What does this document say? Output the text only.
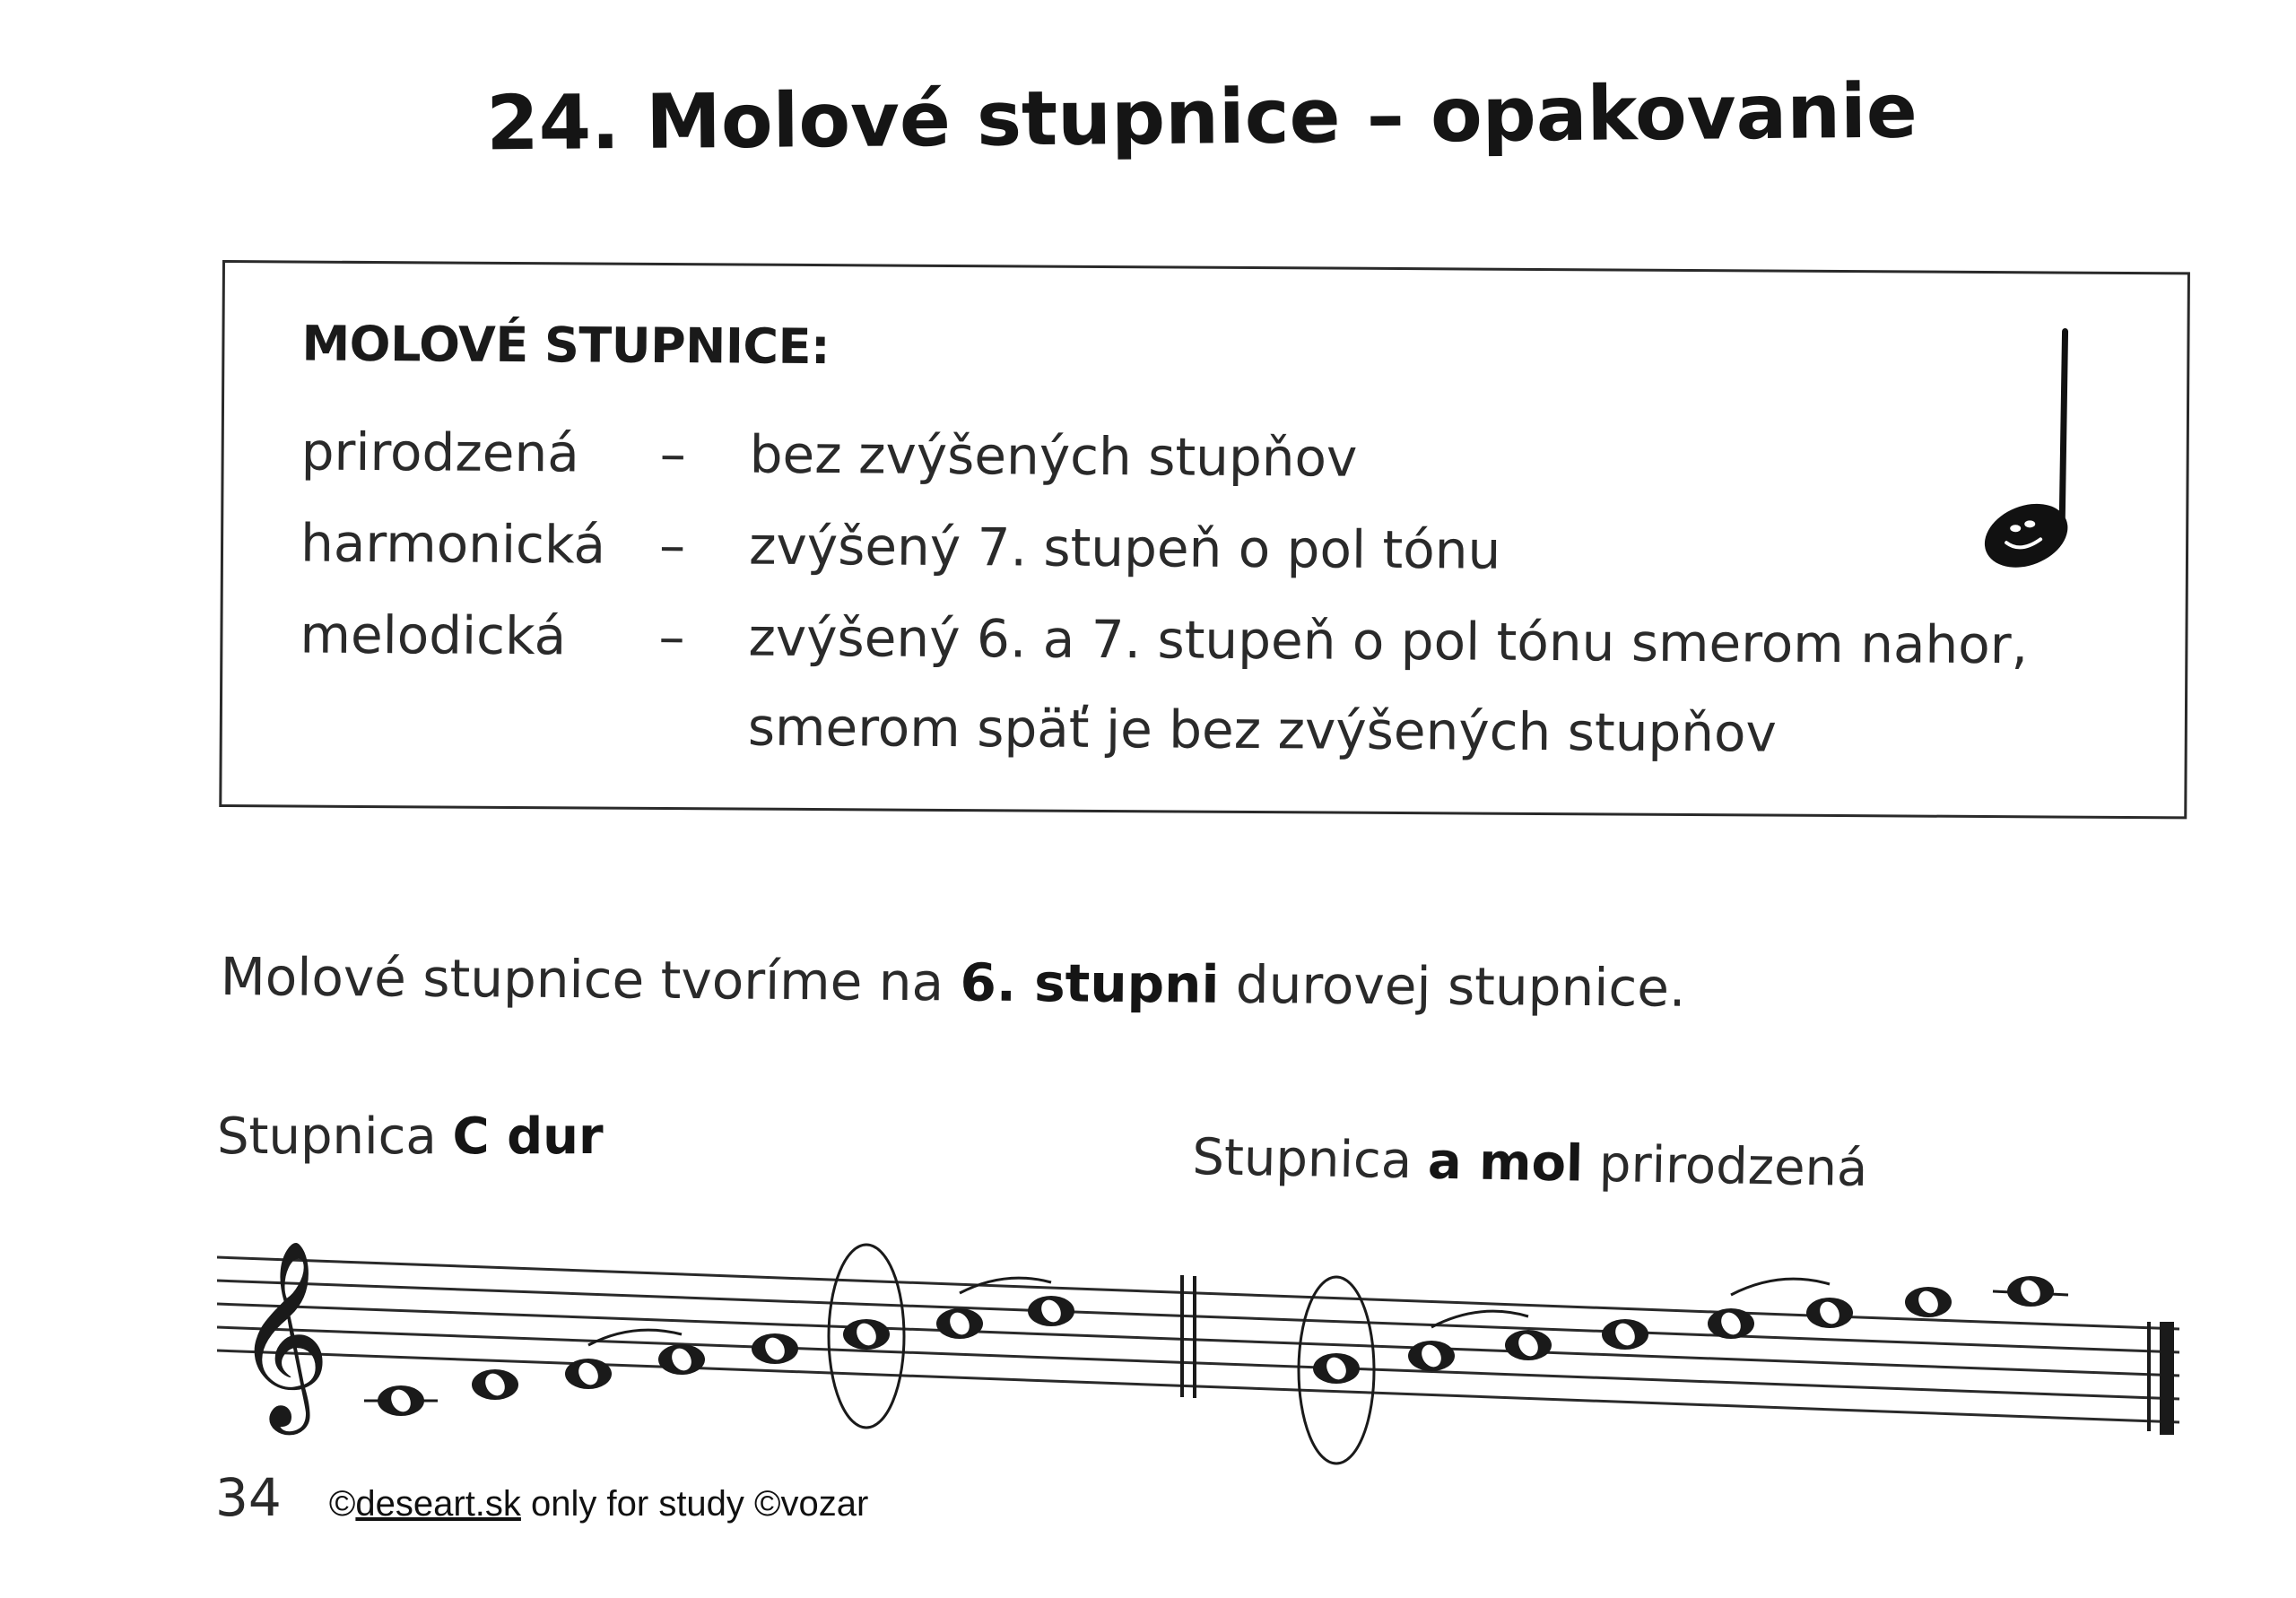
24. Molové stupnice – opakovanie
MOLOVÉ STUPNICE:
prirodzená – bez zvýšených stupňov
harmonická – zvýšený 7. stupeň o pol tónu
melodická – zvýšený 6. a 7. stupeň o pol tónu smerom nahor,
smerom späť je bez zvýšených stupňov
Molové stupnice tvoríme na 6. stupni durovej stupnice.
Stupnica C dur	Stupnica a mol prirodzená
𝄞
34 ©deseart.sk only for study ©vozar
